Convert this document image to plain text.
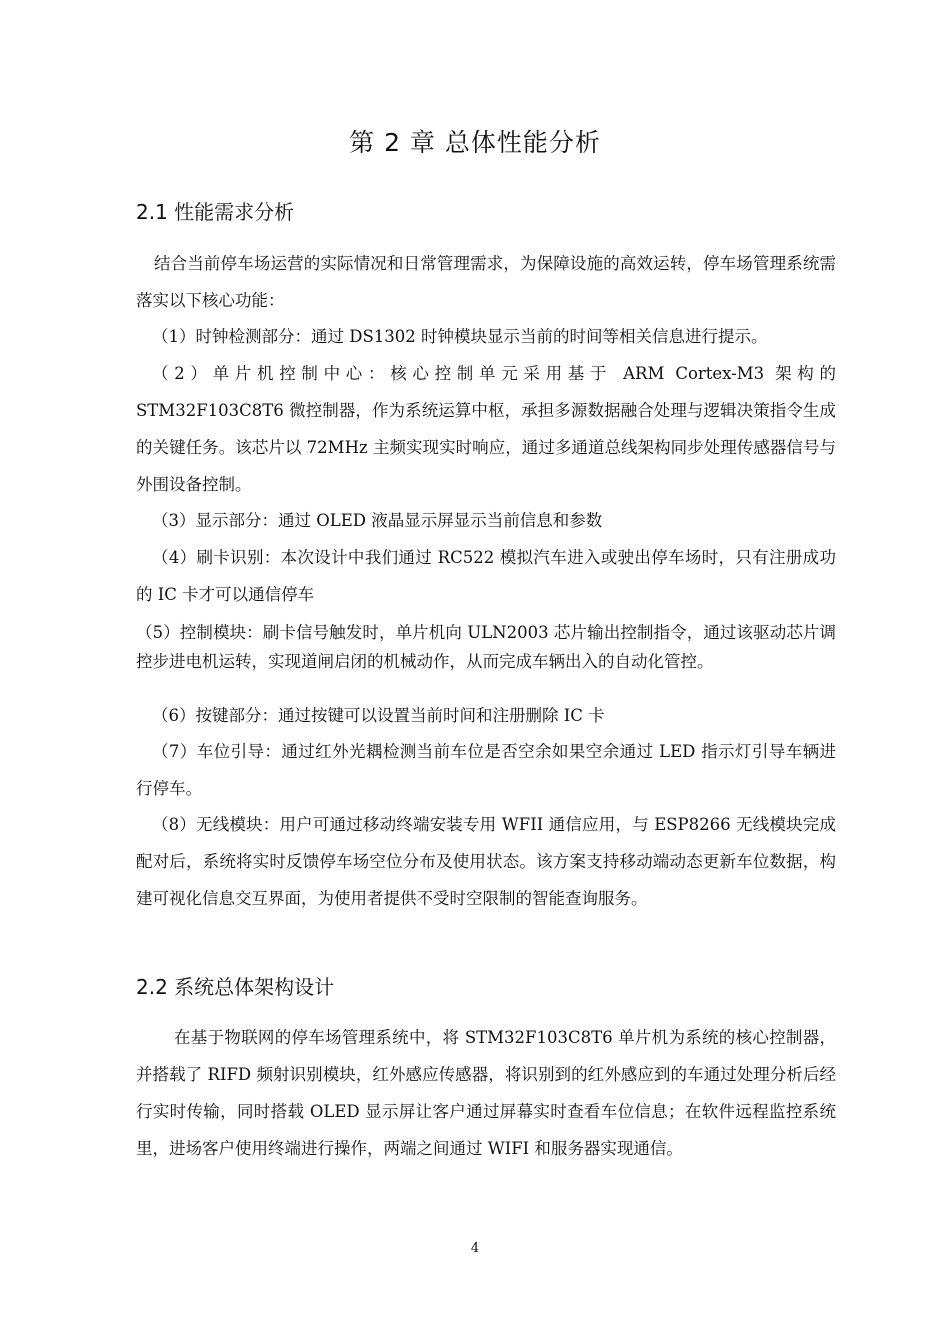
第 2 章 总体性能分析
2.1 性能需求分析

结合当前停车场运营的实际情况和日常管理需求，为保障设施的高效运转，停车场管理系统需落实以下核心功能：

（1）时钟检测部分：通过 DS1302 时钟模块显示当前的时间等相关信息进行提示。

（2）单片机控制中心：核心控制单元采用基于 ARM Cortex-M3 架构的 STM32F103C8T6 微控制器，作为系统运算中枢，承担多源数据融合处理与逻辑决策指令生成的关键任务。该芯片以 72MHz 主频实现实时响应，通过多通道总线架构同步处理传感器信号与外围设备控制。

（3）显示部分：通过 OLED 液晶显示屏显示当前信息和参数

（4）刷卡识别：本次设计中我们通过 RC522 模拟汽车进入或驶出停车场时，只有注册成功的 IC 卡才可以通信停车

（5）控制模块：刷卡信号触发时，单片机向 ULN2003 芯片输出控制指令，通过该驱动芯片调控步进电机运转，实现道闸启闭的机械动作，从而完成车辆出入的自动化管控。

（6）按键部分：通过按键可以设置当前时间和注册删除 IC 卡

（7）车位引导：通过红外光耦检测当前车位是否空余如果空余通过 LED 指示灯引导车辆进行停车。

（8）无线模块：用户可通过移动终端安装专用 WFII 通信应用，与 ESP8266 无线模块完成配对后，系统将实时反馈停车场空位分布及使用状态。该方案支持移动端动态更新车位数据，构建可视化信息交互界面，为使用者提供不受时空限制的智能查询服务。

2.2 系统总体架构设计

在基于物联网的停车场管理系统中，将 STM32F103C8T6 单片机为系统的核心控制器，并搭载了 RIFD 频射识别模块，红外感应传感器，将识别到的红外感应到的车通过处理分析后经行实时传输，同时搭载 OLED 显示屏让客户通过屏幕实时查看车位信息；在软件远程监控系统里，进场客户使用终端进行操作，两端之间通过 WIFI 和服务器实现通信。

4
